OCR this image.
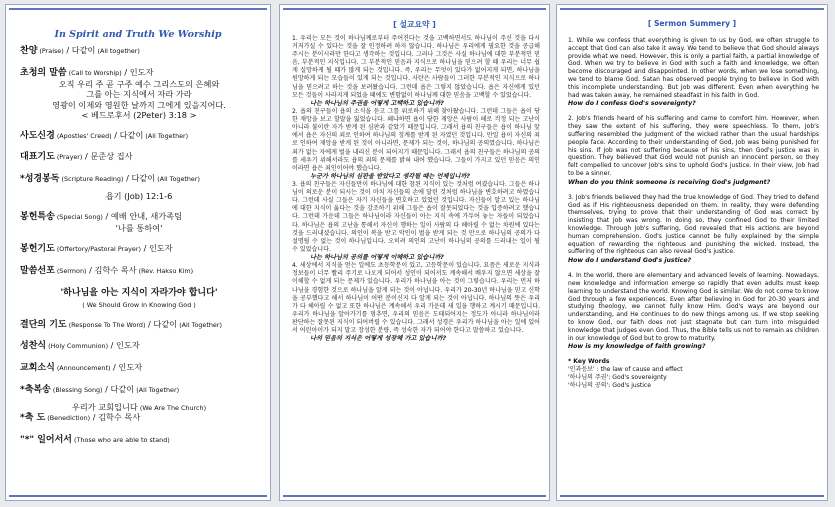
In Spirit and Truth We Worship

찬양 (Praise) / 다같이 (All together)

초청의 말씀 (Call to Worship) / 인도자

오직 우리 주 곧 구주 예수 그리스도의 은혜와

그를 아는 지식에서 자라 가라

영광이 이제와 영원한 날까지 그에게 있을지어다.

< 베드로후서 (2Peter) 3:18 >

사도신경 (Apostles' Creed) / 다같이 (All Together)

대표기도 (Prayer) / 문준상 집사

*성경봉독 (Scripture Reading) / 다같이 (All Together)

욥기 (Job) 12:1-6

봉헌특송 (Special Song) / 예배 안내, 새가족팀

'나를 통하여'

봉헌기도 (Offertory/Pastoral Prayer) / 인도자

말씀선포 (Sermon) / 김학수 목사 (Rev. Haksu Kim)

'하나님을 아는 지식이 자라가야 합니다'

( We Should Grow in Knowing God )

결단의 기도 (Response To The Word) / 다같이 (All Together)

성찬식 (Holy Communion) / 인도자

교회소식 (Announcement) / 인도자

*축복송 (Blessing Song) / 다같이 (All Together)

우리가 교회입니다 (We Are The Church)

*축 도 (Benediction) / 김학수 목사

"*" 일어서서 (Those who are able to stand)

[ 설교요약 ]

1. 우리는 모든 것이 하나님께로부터 주어진다는 것을 고백하면서도 하나님이 주신 것을 다시 거저가실 수 있다는 것을 잘 인정하려 하지 않습니다. 하나님은 우리에게 필요한 것을 공급해 주시는 분이시라만 한다고 생각하는 것입니다. 그러나 그것은 사실 하나님에 대한 부분적인 믿음, 부분적인 지식입니다. 그 부분적인 믿음과 지식으로 하나님을 믿으려 할 때 우리는 너무 쉽게 실망하게 될 때가 많게 되는 것입니다. 즉, 우리는 무엇이 있다가 없어지게 되면, 하나님을 원망하게 되는 모습들이 있게 되는 것입니다. 사탄은 사람들이 그러한 부분적인 지식으로 하나님을 믿으려고 하는 것을 보려왔습니다. 그런데 욥은 그렇지 않았습니다. 욥은 자신에게 있던 모든 것들이 사라지게 되었을 때에도 변함없이 하나님께 대한 믿음을 고백할 수 있었습니다.

나는 하나님의 주권을 어떻게 고백하고 있습니까?

2. 욥의 친구들이 욥의 소식을 듣고 그를 위로하기 위해 찾아왔습니다. 그런데 그들은 욥이 당한 재앙을 보고 할말을 잃었습니다. 왜냐하면 욥이 당한 재앙은 사람이 해로 걱정 되는 고난이 아니라 불이란 자가 받게 된 심판과 같았기 때문입니다. 그래서 욥의 친구들은 욥이 하나님 앞에서 욥은 자신의 죄로 인하여 하나님의 징계를 받게 된 자였던 것입니다. 만일 욥이 자신의 죄로 인하여 재앙을 받게 된 것이 아니라면, 문제가 되는 것이, 하나님의 공의였습니다. 하나님은 죄가 없는 자에게 벌을 내리신 분이 되어지기 때문입니다. 그래서 욥의 친구들은 하나님의 공의를 세우기 위해서라도 욥의 죄의 문제를 밝혀 내어 했습니다. 그들이 가지고 있던 믿음은 의인이라면 욥은 죄인이어야 했습니다.

누군가 하나님의 심판을 받았다고 생각될 때는 언제입니까?

3. 욥의 친구들은 자신들만이 하나님에 대한 참된 지식이 있는 것처럼 여겼습니다. 그들은 하나님이 의로운 분이 되시는 것이 마치 자신들의 손에 달린 것처럼 하나님을 변호하려고 하였습니다. 그런데 사실 그들은 자기 자신들을 변호하고 있었던 것입니다. 자신들이 알고 있는 하나님에 대한 지식이 옳다는 것을 강조하기 위해 그들은 욥이 잘못되었다는 것을 입증하려고 했습니다. 그런데 가운데 그들은 하나님이라 자신들이 아는 지식 속에 가두어 놓는 자들이 되었습니다. 하나님은 욥의 고난을 통해서 자신이 행하는 일이 사람의 다 헤아릴 수 없는 차원에 있다는 것을 드러내셨습니다. 의인이 복을 받고 악인이 벌을 받게 되는 것 만으로 하나님의 공의가 다 설명될 수 없는 것이 하나님입니다. 오히려 의인의 고난이 하나님의 공의를 드러내는 일이 될 수 있었습니다.

나는 하나님의 공의를 어떻게 이해하고 있습니까?

4. 세상에서 지식을 얻는 일에도 초등학문이 있고, 고등학문이 있습니다. 요즘은 새로운 지식과 정보들이 너무 빨리 주기로 나오게 되어서 성인이 되어서도 계속해서 배우지 않으면 세상을 잘 이해할 수 없게 되는 문제가 있습니다. 우리가 하나님을 아는 것이 그렇습니다. 우리는 먼저 하나님을 경험한 것으로 하나님을 알게 되는 것이 아닙니다. 우리가 20-30년 하나님을 믿고 신학을 공부했다고 해서 하나님이 어떤 분이신지 다 알게 되는 것이 아닙니다. 하나님의 뜻은 우리가 다 헤아릴 수 없고 또한 하나님은 계속해서 우리 가운데 새 일을 행하고 계시기 때문입니다. 우리가 하나님을 알아가기를 멈추면, 우리의 믿음은 도태되어지는 정도가 아니라 하나님이라 판단하는 잘못된 지식이 되어버릴 수 있습니다. 그래서 성경은 우리가 하나님을 아는 일에 있어서 어린아이가 되지 말고 장성한 분량, 즉 성숙한 자가 되어야 한다고 말씀하고 있습니다.

나의 믿음의 지식은 어떻게 성장해 가고 있습니까?

[ Sermon Summery ]

1. While we confess that everything is given to us by God, we often struggle to accept that God can also take it away. We tend to believe that God should always provide what we need. However, this is only a partial faith, a partial knowledge of God. When we try to believe in God with such a faith and knowledge, we often become discouraged and disappointed. In other words, when we lose something, we tend to blame God. Satan has observed people trying to believe in God with this incomplete understanding. But Job was different. Even when everything he had was taken away, he remained steadfast in his faith in God.

How do I confess God's sovereignty?

2. Job's friends heard of his suffering and came to comfort him. However, when they saw the extent of his suffering, they were speechless. To them, Job's suffering resembled the judgment of the wicked rather than the usual hardships people face. According to their understanding of God, Job was being punished for his sins. If Job was not suffering because of his sins, then God's justice was in question. They believed that God would not punish an innocent person, so they felt compelled to uncover Job's sins to uphold God's justice. In their view, Job had to be a sinner.

When do you think someone is receiving God's judgment?

3. Job's friends believed they had the true knowledge of God. They tried to defend God as if His righteousness depended on them. In reality, they were defending themselves, trying to prove that their understanding of God was correct by insisting that Job was wrong. In doing so, they confined God to their limited knowledge. Through Job's suffering, God revealed that His actions are beyond human comprehension. God's justice cannot be fully explained by the simple equation of rewarding the righteous and punishing the wicked. Instead, the suffering of the righteous can also reveal God's justice.

How do I understand God's justice?

4. In the world, there are elementary and advanced levels of learning. Nowadays, new knowledge and information emerge so rapidly that even adults must keep learning to understand the world. Knowing God is similar. We do not come to know God through a few experiences. Even after believing in God for 20-30 years and studying theology, we cannot fully know Him. God's ways are beyond our understanding, and He continues to do new things among us. If we stop seeking to know God, our faith does not just stagnate but can turn into misguided knowledge that judges even God. Thus, the Bible tells us not to remain as children in our knowledge of God but to grow to maturity.

How is my knowledge of faith growing?

* Key Words

'인과응보' : the law of cause and effect

'하나님의 주권': God's sovereignty

'하나님의 공의': God's justice
